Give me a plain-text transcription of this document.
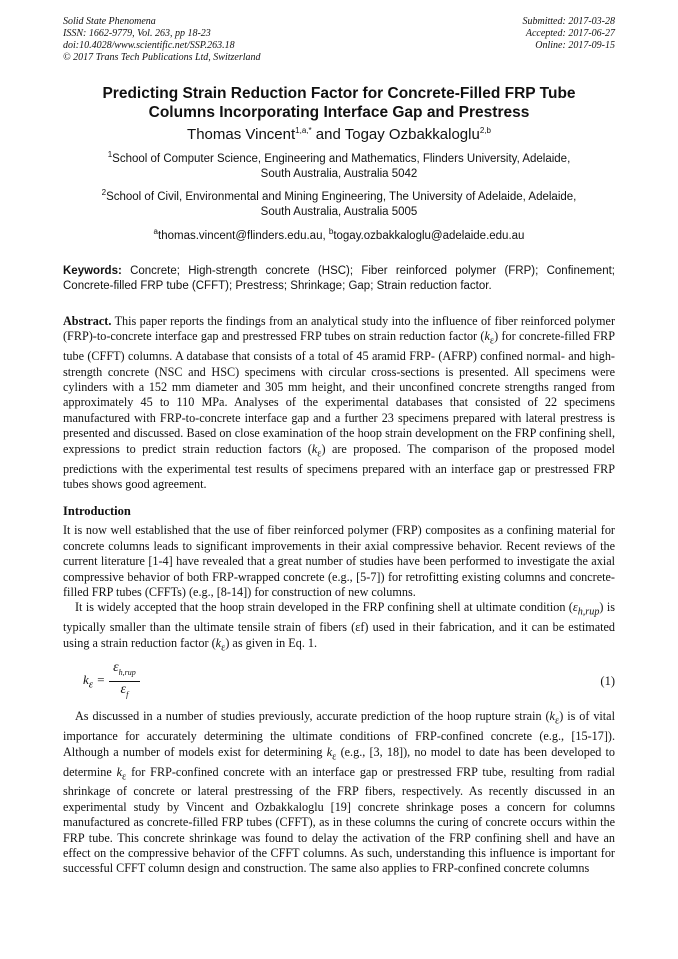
Solid State Phenomena
ISSN: 1662-9779, Vol. 263, pp 18-23
doi:10.4028/www.scientific.net/SSP.263.18
© 2017 Trans Tech Publications Ltd, Switzerland
Submitted: 2017-03-28
Accepted: 2017-06-27
Online: 2017-09-15
Predicting Strain Reduction Factor for Concrete-Filled FRP Tube
Columns Incorporating Interface Gap and Prestress
Thomas Vincent$^{1,a,*}$ and Togay Ozbakkaloglu$^{2,b}$
$^1$School of Computer Science, Engineering and Mathematics, Flinders University, Adelaide,
South Australia, Australia 5042
$^2$School of Civil, Environmental and Mining Engineering, The University of Adelaide, Adelaide,
South Australia, Australia 5005
$^a$thomas.vincent@flinders.edu.au, $^b$togay.ozbakkaloglu@adelaide.edu.au
Keywords: Concrete; High-strength concrete (HSC); Fiber reinforced polymer (FRP); Confinement; Concrete-filled FRP tube (CFFT); Prestress; Shrinkage; Gap; Strain reduction factor.
Abstract. This paper reports the findings from an analytical study into the influence of fiber reinforced polymer (FRP)-to-concrete interface gap and prestressed FRP tubes on strain reduction factor $(k_\varepsilon)$ for concrete-filled FRP tube (CFFT) columns. A database that consists of a total of 45 aramid FRP- (AFRP) confined normal- and high-strength concrete (NSC and HSC) specimens with circular cross-sections is presented. All specimens were cylinders with a 152 mm diameter and 305 mm height, and their unconfined concrete strengths ranged from approximately 45 to 110 MPa. Analyses of the experimental databases that consisted of 22 specimens manufactured with FRP-to-concrete interface gap and a further 23 specimens prepared with lateral prestress is presented and discussed. Based on close examination of the hoop strain development on the FRP confining shell, expressions to predict strain reduction factors $(k_\varepsilon)$ are proposed. The comparison of the proposed model predictions with the experimental test results of specimens prepared with an interface gap or prestressed FRP tubes shows good agreement.
Introduction
It is now well established that the use of fiber reinforced polymer (FRP) composites as a confining material for concrete columns leads to significant improvements in their axial compressive behavior. Recent reviews of the current literature [1-4] have revealed that a great number of studies have been performed to investigate the axial compressive behavior of both FRP-wrapped concrete (e.g., [5-7]) for retrofitting existing columns and concrete-filled FRP tubes (CFFTs) (e.g., [8-14]) for construction of new columns.
It is widely accepted that the hoop strain developed in the FRP confining shell at ultimate condition $(\varepsilon_{h,rup})$ is typically smaller than the ultimate tensile strain of fibers (εf) used in their fabrication, and it can be estimated using a strain reduction factor $(k_\varepsilon)$ as given in Eq. 1.
$k_\varepsilon = \frac{\varepsilon_{h,rup}}{\varepsilon_f}$	(1)
As discussed in a number of studies previously, accurate prediction of the hoop rupture strain $(k_\varepsilon)$ is of vital importance for accurately determining the ultimate conditions of FRP-confined concrete (e.g., [15-17]). Although a number of models exist for determining $k_\varepsilon$ (e.g., [3, 18]), no model to date has been developed to determine $k_\varepsilon$ for FRP-confined concrete with an interface gap or prestressed FRP tube, resulting from radial shrinkage of concrete or lateral prestressing of the FRP fibers, respectively. As recently discussed in an experimental study by Vincent and Ozbakkaloglu [19] concrete shrinkage poses a concern for columns manufactured as concrete-filled FRP tubes (CFFT), as in these columns the curing of concrete occurs within the FRP tube. This concrete shrinkage was found to delay the activation of the FRP confining shell and have an effect on the compressive behavior of the CFFT columns. As such, understanding this influence is important for successful CFFT column design and construction. The same also applies to FRP-confined concrete columns
